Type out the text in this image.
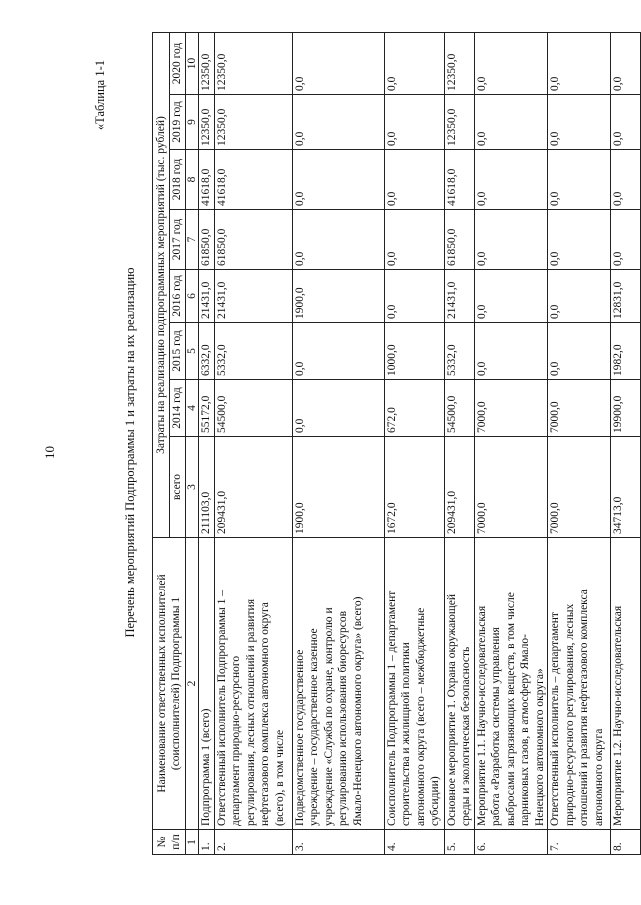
10
«Таблица 1-1
Перечень мероприятий Подпрограммы 1 и затраты на их реализацию
№
п/п	Наименование ответственных исполнителей
(соисполнителей) Подпрограммы 1	Затраты на реализацию подпрограммных мероприятий (тыс. рублей)							
		всего	2014 год	2015 год	2016 год	2017 год	2018 год	2019 год	2020 год
1	2	3	4	5	6	7	8	9	10
1.	Подпрограмма 1 (всего)	211103,0	55172,0	6332,0	21431,0	61850,0	41618,0	12350,0	12350,0
2.	Ответственный исполнитель Подпрограммы 1 –
департамент природно-ресурсного
регулирования, лесных отношений и развития
нефтегазового комплекса автономного округа
(всего), в том числе	209431,0	54500,0	5332,0	21431,0	61850,0	41618,0	12350,0	12350,0
3.	Подведомственное государственное
учреждение – государственное казенное
учреждение «Служба по охране, контролю и
регулированию использования биоресурсов
Ямало-Ненецкого автономного округа» (всего)	1900,0	0,0	0,0	1900,0	0,0	0,0	0,0	0,0
4.	Соисполнитель Подпрограммы 1 – департамент
строительства и жилищной политики
автономного округа (всего – межбюджетные
субсидии)	1672,0	672,0	1000,0	0,0	0,0	0,0	0,0	0,0
5.	Основное мероприятие 1. Охрана окружающей
среды и экологическая безопасность	209431,0	54500,0	5332,0	21431,0	61850,0	41618,0	12350,0	12350,0
6.	Мероприятие 1.1. Научно-исследовательская
работа «Разработка системы управления
выбросами загрязняющих веществ, в том числе
парниковых газов, в атмосферу Ямало-
Ненецкого автономного округа»	7000,0	7000,0	0,0	0,0	0,0	0,0	0,0	0,0
7.	Ответственный исполнитель – департамент
природно-ресурсного регулирования, лесных
отношений и развития нефтегазового комплекса
автономного округа	7000,0	7000,0	0,0	0,0	0,0	0,0	0,0	0,0
8.	Мероприятие 1.2. Научно-исследовательская	34713,0	19900,0	1982,0	12831,0	0,0	0,0	0,0	0,0
